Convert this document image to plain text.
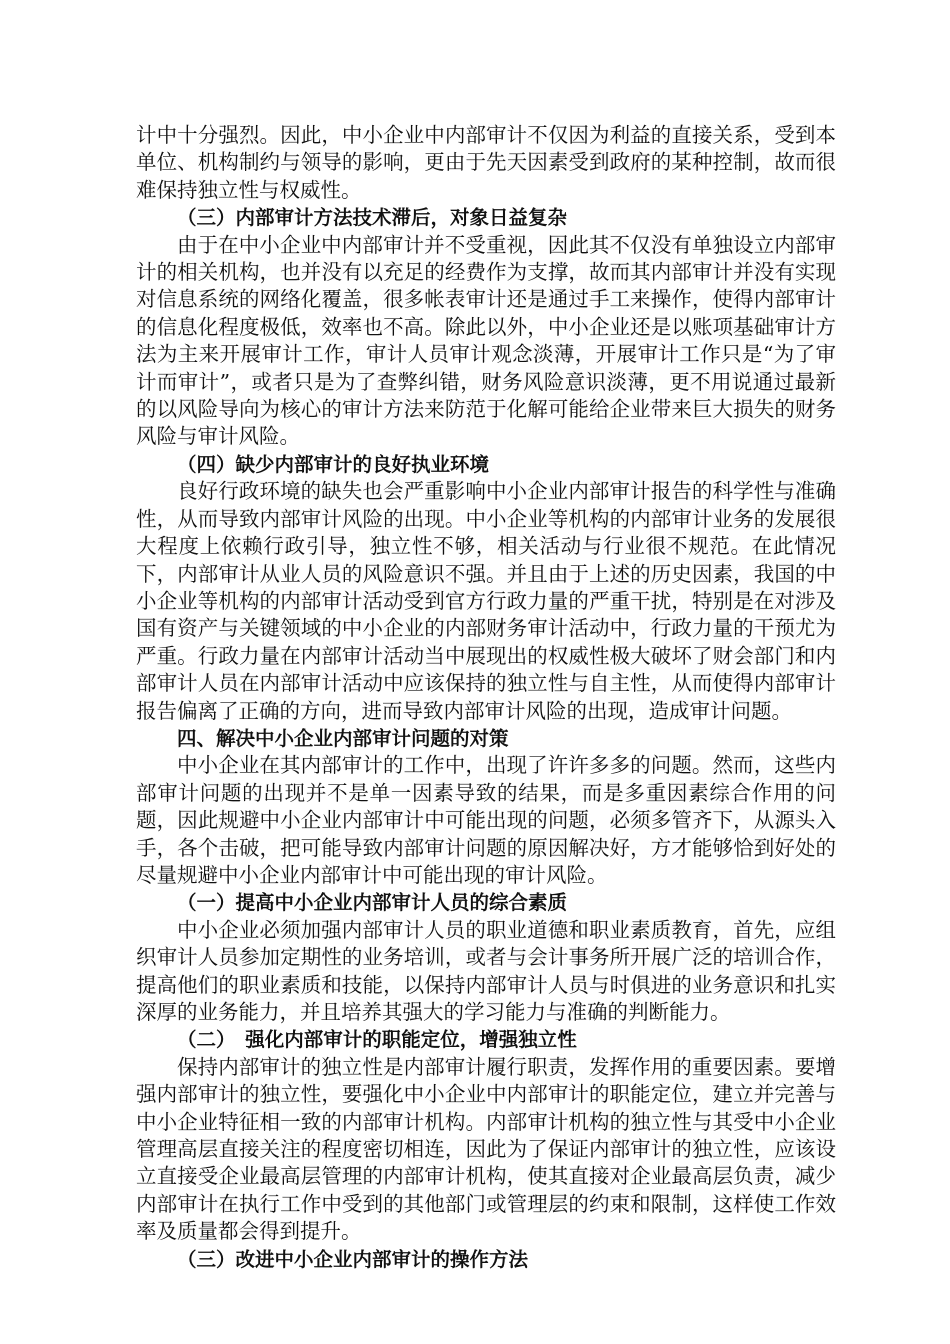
计中十分强烈。因此，中小企业中内部审计不仅因为利益的直接关系，受到本单位、机构制约与领导的影响，更由于先天因素受到政府的某种控制，故而很难保持独立性与权威性。

（三）内部审计方法技术滞后，对象日益复杂

由于在中小企业中内部审计并不受重视，因此其不仅没有单独设立内部审计的相关机构，也并没有以充足的经费作为支撑，故而其内部审计并没有实现对信息系统的网络化覆盖，很多帐表审计还是通过手工来操作，使得内部审计的信息化程度极低，效率也不高。除此以外，中小企业还是以账项基础审计方法为主来开展审计工作，审计人员审计观念淡薄，开展审计工作只是“为了审计而审计”，或者只是为了查弊纠错，财务风险意识淡薄，更不用说通过最新的以风险导向为核心的审计方法来防范于化解可能给企业带来巨大损失的财务风险与审计风险。

（四）缺少内部审计的良好执业环境

良好行政环境的缺失也会严重影响中小企业内部审计报告的科学性与准确性，从而导致内部审计风险的出现。中小企业等机构的内部审计业务的发展很大程度上依赖行政引导，独立性不够，相关活动与行业很不规范。在此情况下，内部审计从业人员的风险意识不强。并且由于上述的历史因素，我国的中小企业等机构的内部审计活动受到官方行政力量的严重干扰，特别是在对涉及国有资产与关键领域的中小企业的内部财务审计活动中，行政力量的干预尤为严重。行政力量在内部审计活动当中展现出的权威性极大破坏了财会部门和内部审计人员在内部审计活动中应该保持的独立性与自主性，从而使得内部审计报告偏离了正确的方向，进而导致内部审计风险的出现，造成审计问题。

四、解决中小企业内部审计问题的对策

中小企业在其内部审计的工作中，出现了许许多多的问题。然而，这些内部审计问题的出现并不是单一因素导致的结果，而是多重因素综合作用的问题，因此规避中小企业内部审计中可能出现的问题，必须多管齐下，从源头入手，各个击破，把可能导致内部审计问题的原因解决好，方才能够恰到好处的尽量规避中小企业内部审计中可能出现的审计风险。

（一）提高中小企业内部审计人员的综合素质

中小企业必须加强内部审计人员的职业道德和职业素质教育，首先，应组织审计人员参加定期性的业务培训，或者与会计事务所开展广泛的培训合作，提高他们的职业素质和技能，以保持内部审计人员与时俱进的业务意识和扎实深厚的业务能力，并且培养其强大的学习能力与准确的判断能力。

（二）　强化内部审计的职能定位，增强独立性

保持内部审计的独立性是内部审计履行职责，发挥作用的重要因素。要增强内部审计的独立性，要强化中小企业中内部审计的职能定位，建立并完善与中小企业特征相一致的内部审计机构。内部审计机构的独立性与其受中小企业管理高层直接关注的程度密切相连，因此为了保证内部审计的独立性，应该设立直接受企业最高层管理的内部审计机构，使其直接对企业最高层负责，减少内部审计在执行工作中受到的其他部门或管理层的约束和限制，这样使工作效率及质量都会得到提升。

（三）改进中小企业内部审计的操作方法
